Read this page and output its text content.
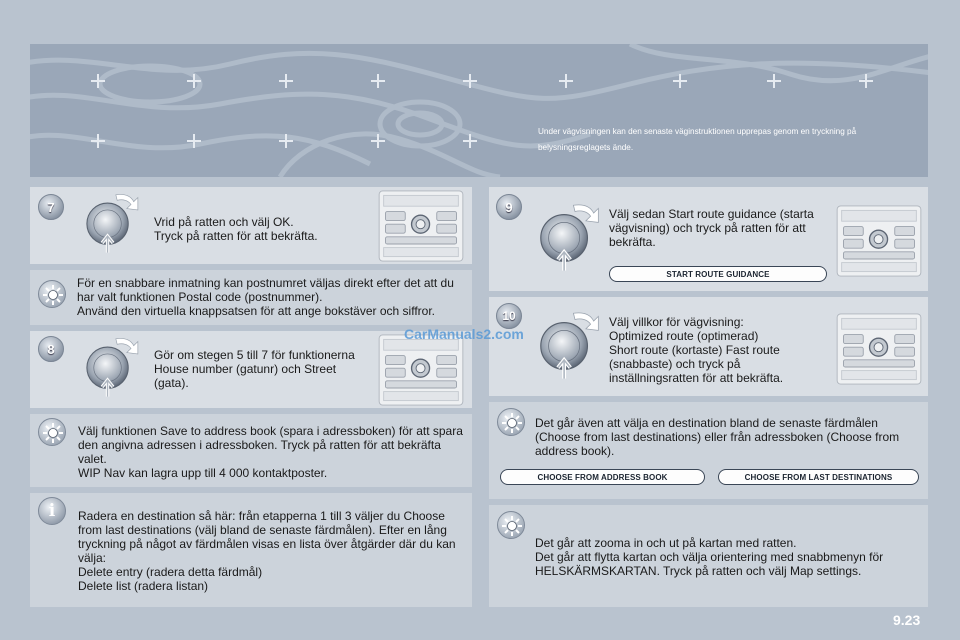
Under vägvisningen kan den senaste väginstruktionen upprepas genom en tryckning på belysningsreglagets ände.
7
Vrid på ratten och välj OK.
Tryck på ratten för att bekräfta.
För en snabbare inmatning kan postnumret väljas direkt efter det att du har valt funktionen Postal code (postnummer).
Använd den virtuella knappsatsen för att ange bokstäver och siffror.
8	Gör om stegen 5 till 7 för funktionerna House number (gatunr) och Street (gata).
Välj funktionen Save to address book (spara i adressboken) för att spara den angivna adressen i adressboken. Tryck på ratten för att bekräfta valet.
WIP Nav kan lagra upp till 4 000 kontaktposter.
i	Radera en destination så här: från etapperna 1 till 3 väljer du Choose from last destinations (välj bland de senaste färdmålen). Efter en lång tryckning på något av färdmålen visas en lista över åtgärder där du kan välja:
Delete entry (radera detta färdmål)
Delete list (radera listan)
9	Välj sedan Start route guidance (starta vägvisning) och tryck på ratten för att bekräfta.
START ROUTE GUIDANCE
10	Välj villkor för vägvisning:
Optimized route (optimerad)
Short route (kortaste) Fast route (snabbaste) och tryck på inställningsratten för att bekräfta.
Det går även att välja en destination bland de senaste färdmålen (Choose from last destinations) eller från adressboken (Choose from address book).
CHOOSE FROM ADDRESS BOOK	CHOOSE FROM LAST DESTINATIONS
Det går att zooma in och ut på kartan med ratten.
Det går att flytta kartan och välja orientering med snabbmenyn för HELSKÄRMSKARTAN. Tryck på ratten och välj Map settings.
CarManuals2.com
9.23
